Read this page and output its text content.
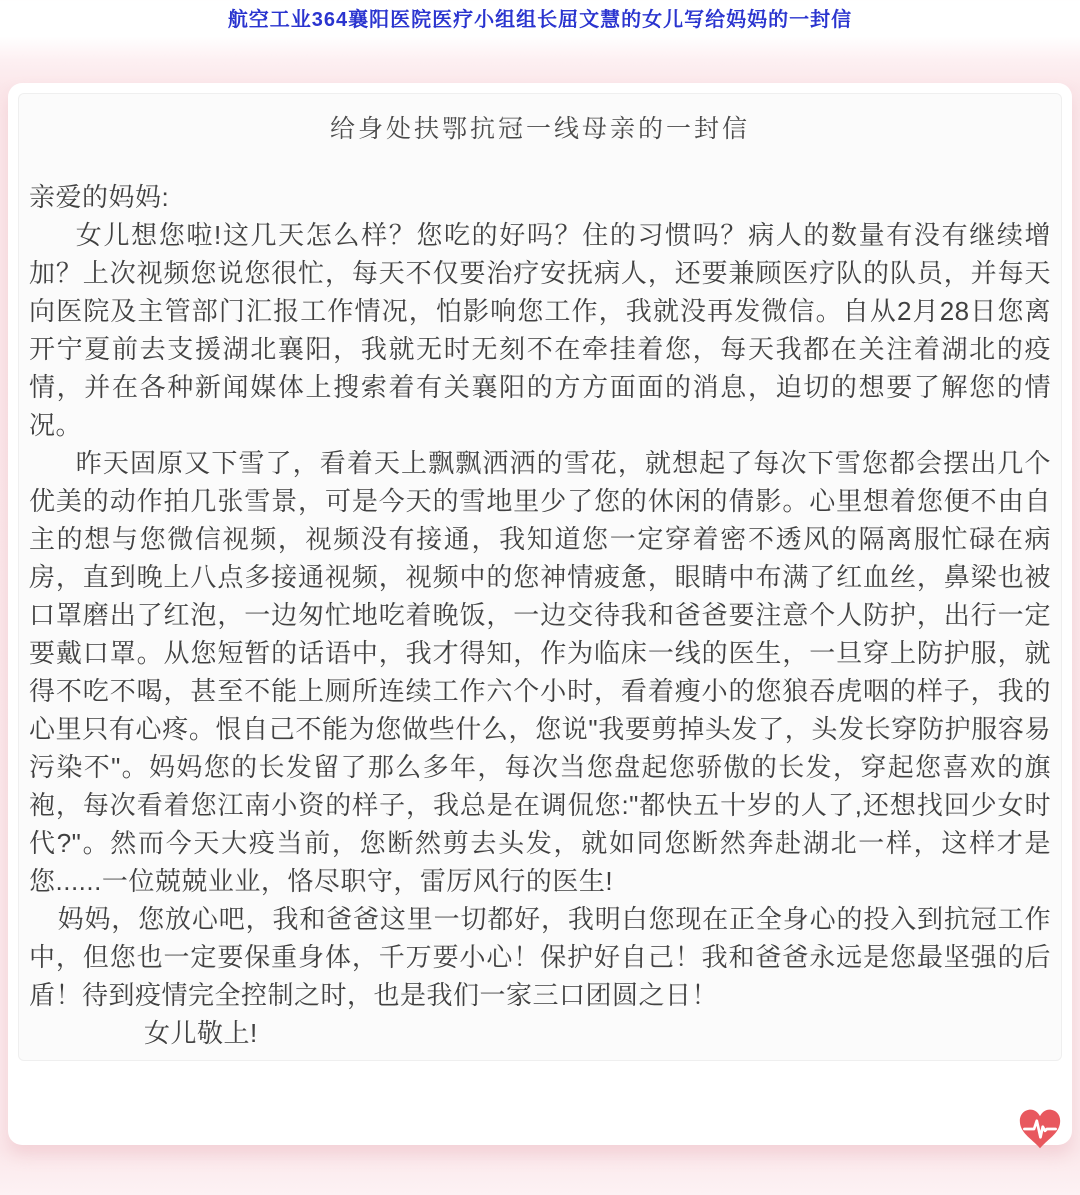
航空工业364襄阳医院医疗小组组长屈文慧的女儿写给妈妈的一封信
给身处扶鄂抗冠一线母亲的一封信

亲爱的妈妈:

女儿想您啦!这几天怎么样？您吃的好吗？住的习惯吗？病人的数量有没有继续增加？上次视频您说您很忙，每天不仅要治疗安抚病人，还要兼顾医疗队的队员，并每天向医院及主管部门汇报工作情况，怕影响您工作，我就没再发微信。自从2月28日您离开宁夏前去支援湖北襄阳，我就无时无刻不在牵挂着您，每天我都在关注着湖北的疫情，并在各种新闻媒体上搜索着有关襄阳的方方面面的消息，迫切的想要了解您的情况。

昨天固原又下雪了，看着天上飘飘洒洒的雪花，就想起了每次下雪您都会摆出几个优美的动作拍几张雪景，可是今天的雪地里少了您的休闲的倩影。心里想着您便不由自主的想与您微信视频，视频没有接通，我知道您一定穿着密不透风的隔离服忙碌在病房，直到晚上八点多接通视频，视频中的您神情疲惫，眼睛中布满了红血丝，鼻梁也被口罩磨出了红泡，一边匆忙地吃着晚饭，一边交待我和爸爸要注意个人防护，出行一定要戴口罩。从您短暂的话语中，我才得知，作为临床一线的医生，一旦穿上防护服，就得不吃不喝，甚至不能上厕所连续工作六个小时，看着瘦小的您狼吞虎咽的样子，我的心里只有心疼。恨自己不能为您做些什么，您说"我要剪掉头发了，头发长穿防护服容易污染不"。妈妈您的长发留了那么多年，每次当您盘起您骄傲的长发，穿起您喜欢的旗袍，每次看着您江南小资的样子，我总是在调侃您:"都快五十岁的人了,还想找回少女时代?"。然而今天大疫当前，您断然剪去头发，就如同您断然奔赴湖北一样，这样才是您......一位兢兢业业，恪尽职守，雷厉风行的医生!

妈妈，您放心吧，我和爸爸这里一切都好，我明白您现在正全身心的投入到抗冠工作中，但您也一定要保重身体，千万要小心！保护好自己！我和爸爸永远是您最坚强的后盾！待到疫情完全控制之时，也是我们一家三口团圆之日！

女儿敬上!
